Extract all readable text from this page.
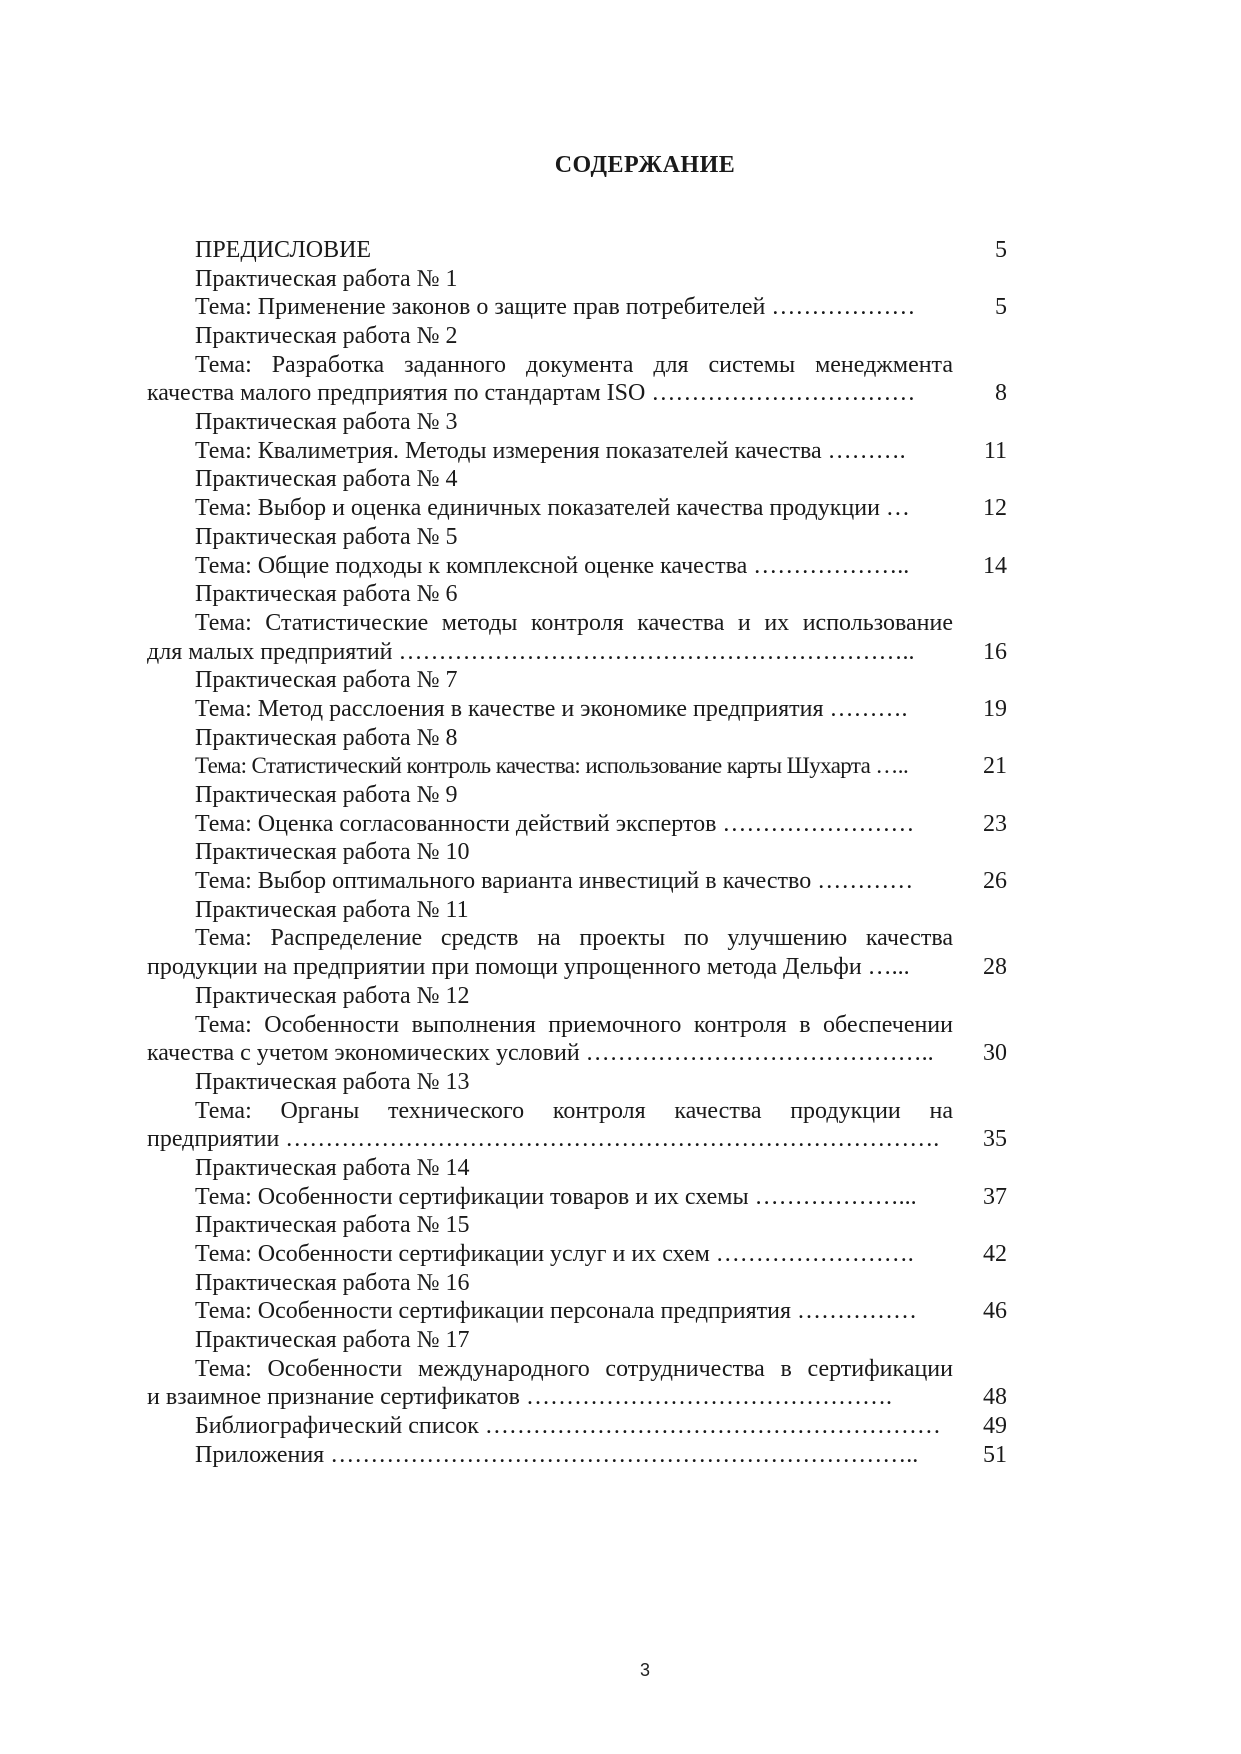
СОДЕРЖАНИЕ
ПРЕДИСЛОВИЕ	5
Практическая работа № 1
Тема: Применение законов о защите прав потребителей ………………	5
Практическая работа № 2
Тема: Разработка заданного документа для системы менеджмента
качества малого предприятия по стандартам ISO ……………………………	8
Практическая работа № 3
Тема: Квалиметрия. Методы измерения показателей качества ……….	11
Практическая работа № 4
Тема: Выбор и оценка единичных показателей качества продукции …	12
Практическая работа № 5
Тема: Общие подходы к комплексной оценке качества ………………..	14
Практическая работа № 6
Тема: Статистические методы контроля качества и их использование
для малых предприятий ………………………………………………………..	16
Практическая работа № 7
Тема: Метод расслоения в качестве и экономике предприятия ……….	19
Практическая работа № 8
Тема: Статистический контроль качества: использование карты Шухарта …..	21
Практическая работа № 9
Тема: Оценка согласованности действий экспертов ……………………	23
Практическая работа № 10
Тема: Выбор оптимального варианта инвестиций в качество …………	26
Практическая работа № 11
Тема: Распределение средств на проекты по улучшению качества
продукции на предприятии при помощи упрощенного метода Дельфи …...	28
Практическая работа № 12
Тема: Особенности выполнения приемочного контроля в обеспечении
качества с учетом экономических условий ……………………………………..	30
Практическая работа № 13
Тема: Органы технического контроля качества продукции на
предприятии ……………………………………………………………………….	35
Практическая работа № 14
Тема: Особенности сертификации товаров и их схемы ………………...	37
Практическая работа № 15
Тема: Особенности сертификации услуг и их схем …………………….	42
Практическая работа № 16
Тема: Особенности сертификации персонала предприятия ……………	46
Практическая работа № 17
Тема: Особенности международного сотрудничества в сертификации
и взаимное признание сертификатов ……………………………………….	48
Библиографический список …………………………………………………	49
Приложения ………………………………………………………………..	51
3
